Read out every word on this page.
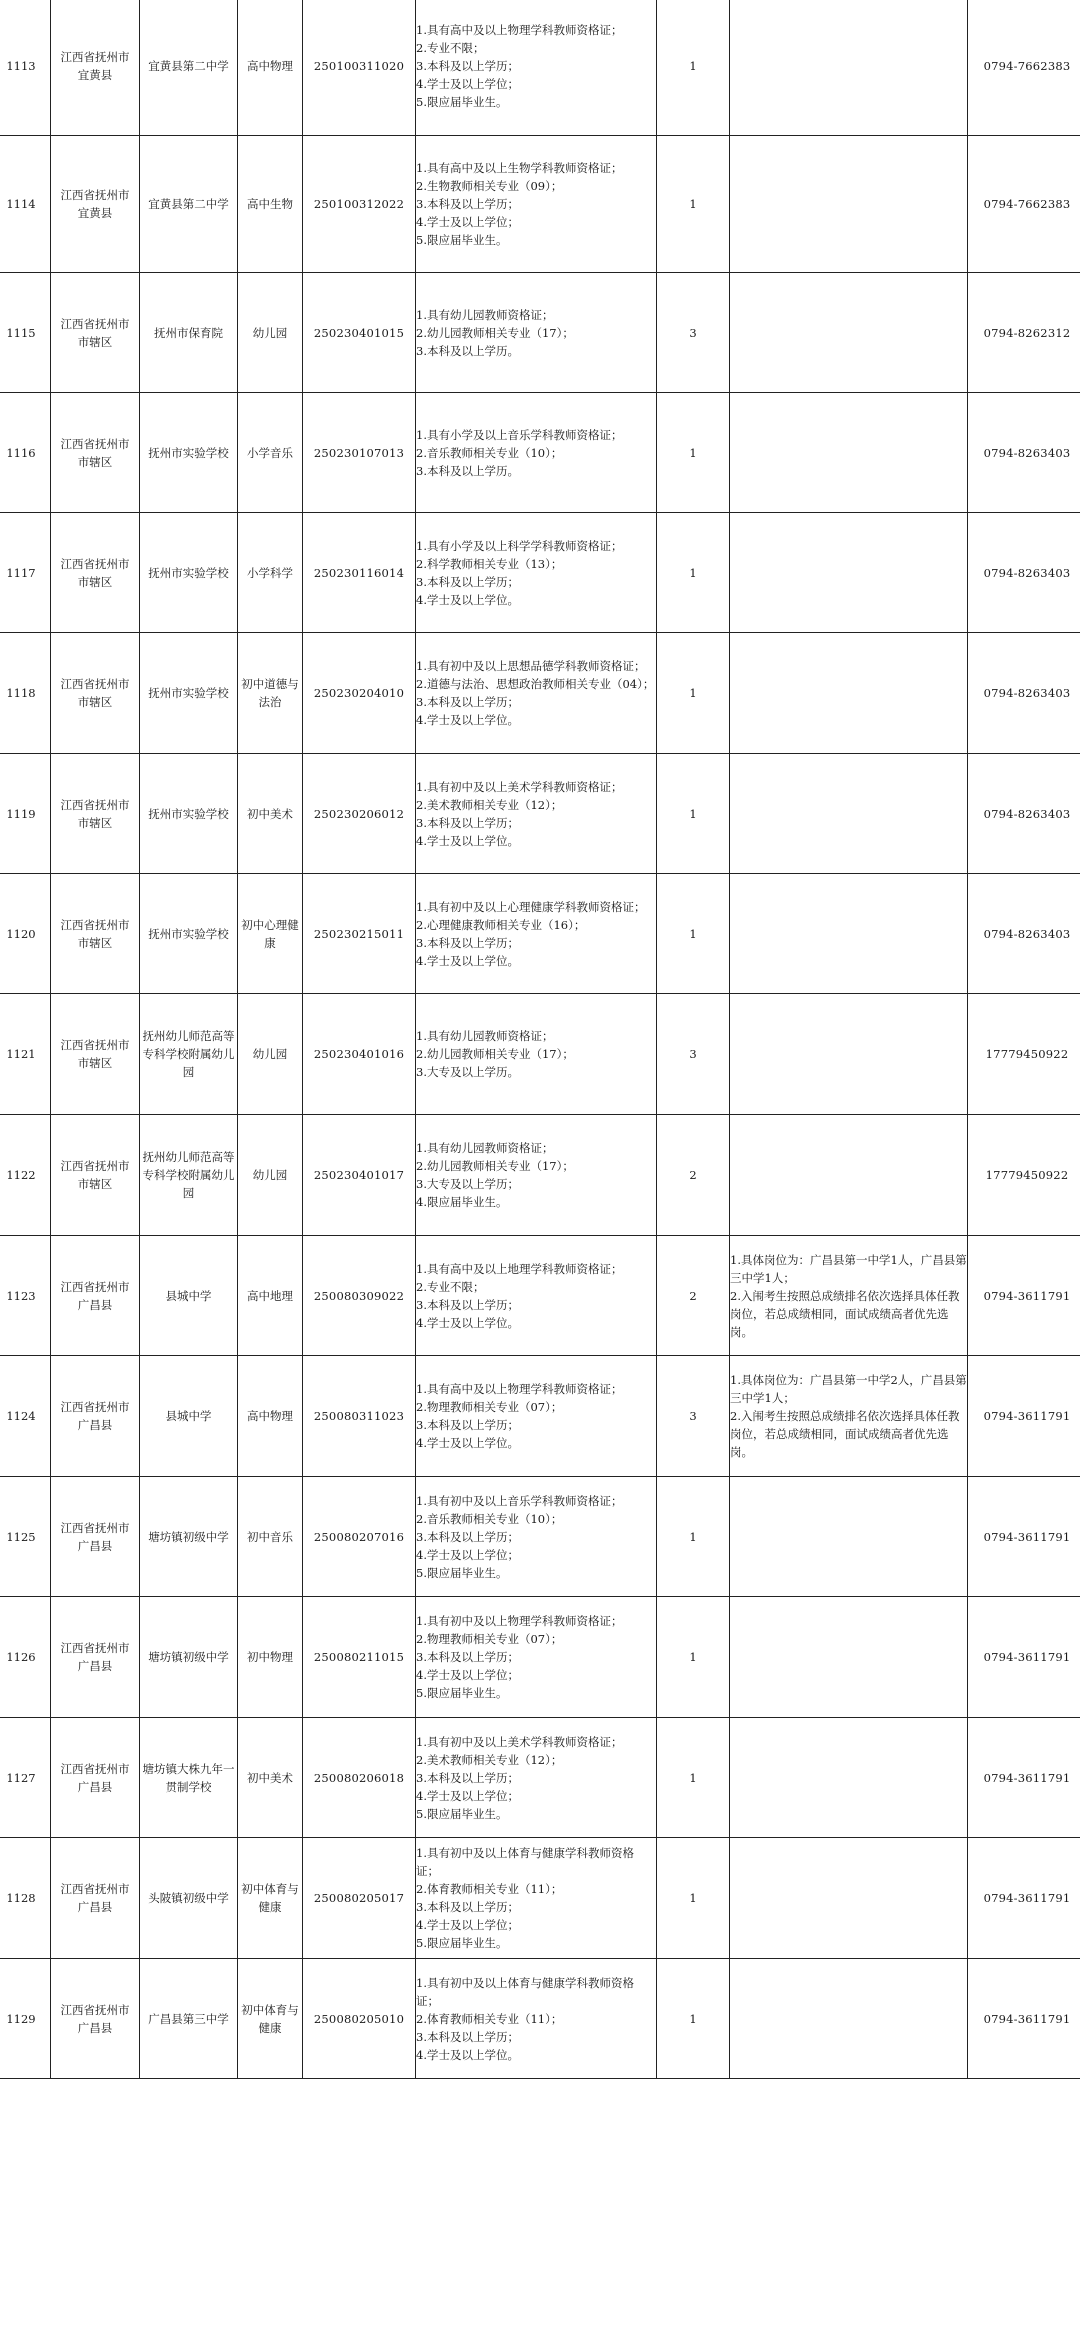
1113	江西省抚州市
宜黄县	宜黄县第二中学	高中物理	250100311020	1.具有高中及以上物理学科教师资格证；
2.专业不限；
3.本科及以上学历；
4.学士及以上学位；
5.限应届毕业生。	1		0794-7662383
1114	江西省抚州市
宜黄县	宜黄县第二中学	高中生物	250100312022	1.具有高中及以上生物学科教师资格证；
2.生物教师相关专业（09）；
3.本科及以上学历；
4.学士及以上学位；
5.限应届毕业生。	1		0794-7662383
1115	江西省抚州市
市辖区	抚州市保育院	幼儿园	250230401015	1.具有幼儿园教师资格证；
2.幼儿园教师相关专业（17）；
3.本科及以上学历。	3		0794-8262312
1116	江西省抚州市
市辖区	抚州市实验学校	小学音乐	250230107013	1.具有小学及以上音乐学科教师资格证；
2.音乐教师相关专业（10）；
3.本科及以上学历。	1		0794-8263403
1117	江西省抚州市
市辖区	抚州市实验学校	小学科学	250230116014	1.具有小学及以上科学学科教师资格证；
2.科学教师相关专业（13）；
3.本科及以上学历；
4.学士及以上学位。	1		0794-8263403
1118	江西省抚州市
市辖区	抚州市实验学校	初中道德与法治	250230204010	1.具有初中及以上思想品德学科教师资格证；
2.道德与法治、思想政治教师相关专业（04）；
3.本科及以上学历；
4.学士及以上学位。	1		0794-8263403
1119	江西省抚州市
市辖区	抚州市实验学校	初中美术	250230206012	1.具有初中及以上美术学科教师资格证；
2.美术教师相关专业（12）；
3.本科及以上学历；
4.学士及以上学位。	1		0794-8263403
1120	江西省抚州市
市辖区	抚州市实验学校	初中心理健康	250230215011	1.具有初中及以上心理健康学科教师资格证；
2.心理健康教师相关专业（16）；
3.本科及以上学历；
4.学士及以上学位。	1		0794-8263403
1121	江西省抚州市
市辖区	抚州幼儿师范高等专科学校附属幼儿园	幼儿园	250230401016	1.具有幼儿园教师资格证；
2.幼儿园教师相关专业（17）；
3.大专及以上学历。	3		17779450922
1122	江西省抚州市
市辖区	抚州幼儿师范高等专科学校附属幼儿园	幼儿园	250230401017	1.具有幼儿园教师资格证；
2.幼儿园教师相关专业（17）；
3.大专及以上学历；
4.限应届毕业生。	2		17779450922
1123	江西省抚州市
广昌县	县城中学	高中地理	250080309022	1.具有高中及以上地理学科教师资格证；
2.专业不限；
3.本科及以上学历；
4.学士及以上学位。	2	1.具体岗位为：广昌县第一中学1人，广昌县第三中学1人；
2.入闱考生按照总成绩排名依次选择具体任教岗位，若总成绩相同，面试成绩高者优先选岗。	0794-3611791
1124	江西省抚州市
广昌县	县城中学	高中物理	250080311023	1.具有高中及以上物理学科教师资格证；
2.物理教师相关专业（07）；
3.本科及以上学历；
4.学士及以上学位。	3	1.具体岗位为：广昌县第一中学2人，广昌县第三中学1人；
2.入闱考生按照总成绩排名依次选择具体任教岗位，若总成绩相同，面试成绩高者优先选岗。	0794-3611791
1125	江西省抚州市
广昌县	塘坊镇初级中学	初中音乐	250080207016	1.具有初中及以上音乐学科教师资格证；
2.音乐教师相关专业（10）；
3.本科及以上学历；
4.学士及以上学位；
5.限应届毕业生。	1		0794-3611791
1126	江西省抚州市
广昌县	塘坊镇初级中学	初中物理	250080211015	1.具有初中及以上物理学科教师资格证；
2.物理教师相关专业（07）；
3.本科及以上学历；
4.学士及以上学位；
5.限应届毕业生。	1		0794-3611791
1127	江西省抚州市
广昌县	塘坊镇大株九年一贯制学校	初中美术	250080206018	1.具有初中及以上美术学科教师资格证；
2.美术教师相关专业（12）；
3.本科及以上学历；
4.学士及以上学位；
5.限应届毕业生。	1		0794-3611791
1128	江西省抚州市
广昌县	头陂镇初级中学	初中体育与健康	250080205017	1.具有初中及以上体育与健康学科教师资格证；
2.体育教师相关专业（11）；
3.本科及以上学历；
4.学士及以上学位；
5.限应届毕业生。	1		0794-3611791
1129	江西省抚州市
广昌县	广昌县第三中学	初中体育与健康	250080205010	1.具有初中及以上体育与健康学科教师资格证；
2.体育教师相关专业（11）；
3.本科及以上学历；
4.学士及以上学位。	1		0794-3611791
